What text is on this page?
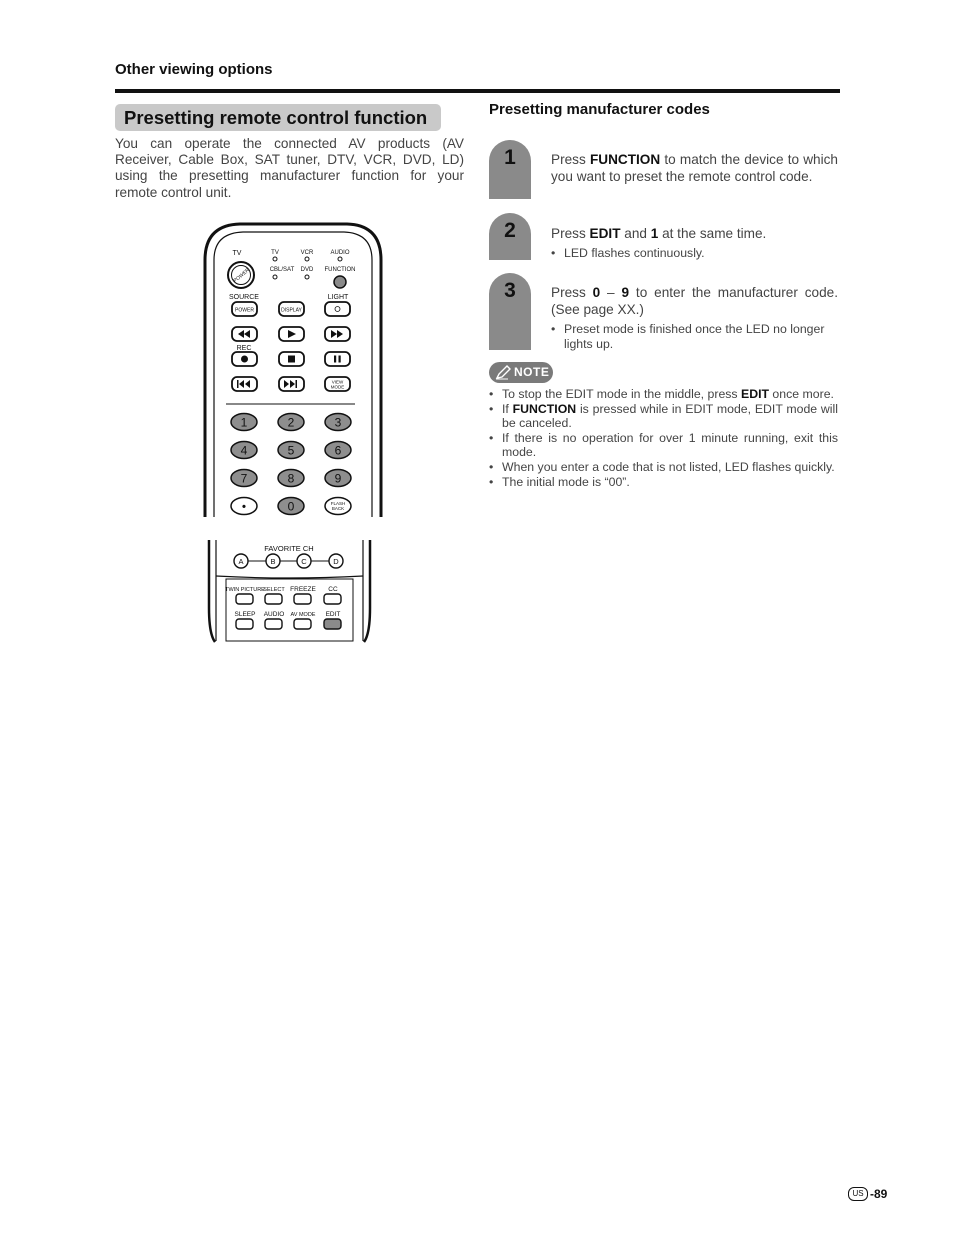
Other viewing options
Presetting remote control function
You can operate the connected AV products (AV Receiver, Cable Box, SAT tuner, DTV, VCR, DVD, LD) using the presetting manufacturer function for your remote control unit.
TV
POWER
TV	VCR	AUDIO
CBL/SAT DVD FUNCTION
SOURCE	LIGHT
POWER	DISPLAY
REC
VIEW
MODE
1	2	3
4	5	6
7	8	9
•	0	FLASH
BACK
FAVORITE CH
A	B	C	D
TWIN PICTURE
SELECT FREEZE CC
SLEEP AUDIO AV MODE EDIT
Presetting manufacturer codes
1	Press FUNCTION to match the device to which you want to preset the remote control code.
2	Press EDIT and 1 at the same time.
• LED flashes continuously.
3	Press 0 – 9 to enter the manufacturer code. (See page XX.)
• Preset mode is finished once the LED no longer lights up.
NOTE
• To stop the EDIT mode in the middle, press EDIT once more.
• If FUNCTION is pressed while in EDIT mode, EDIT mode will be canceled.
• If there is no operation for over 1 minute running, exit this mode.
• When you enter a code that is not listed, LED flashes quickly.
• The initial mode is “00”.
US -89
